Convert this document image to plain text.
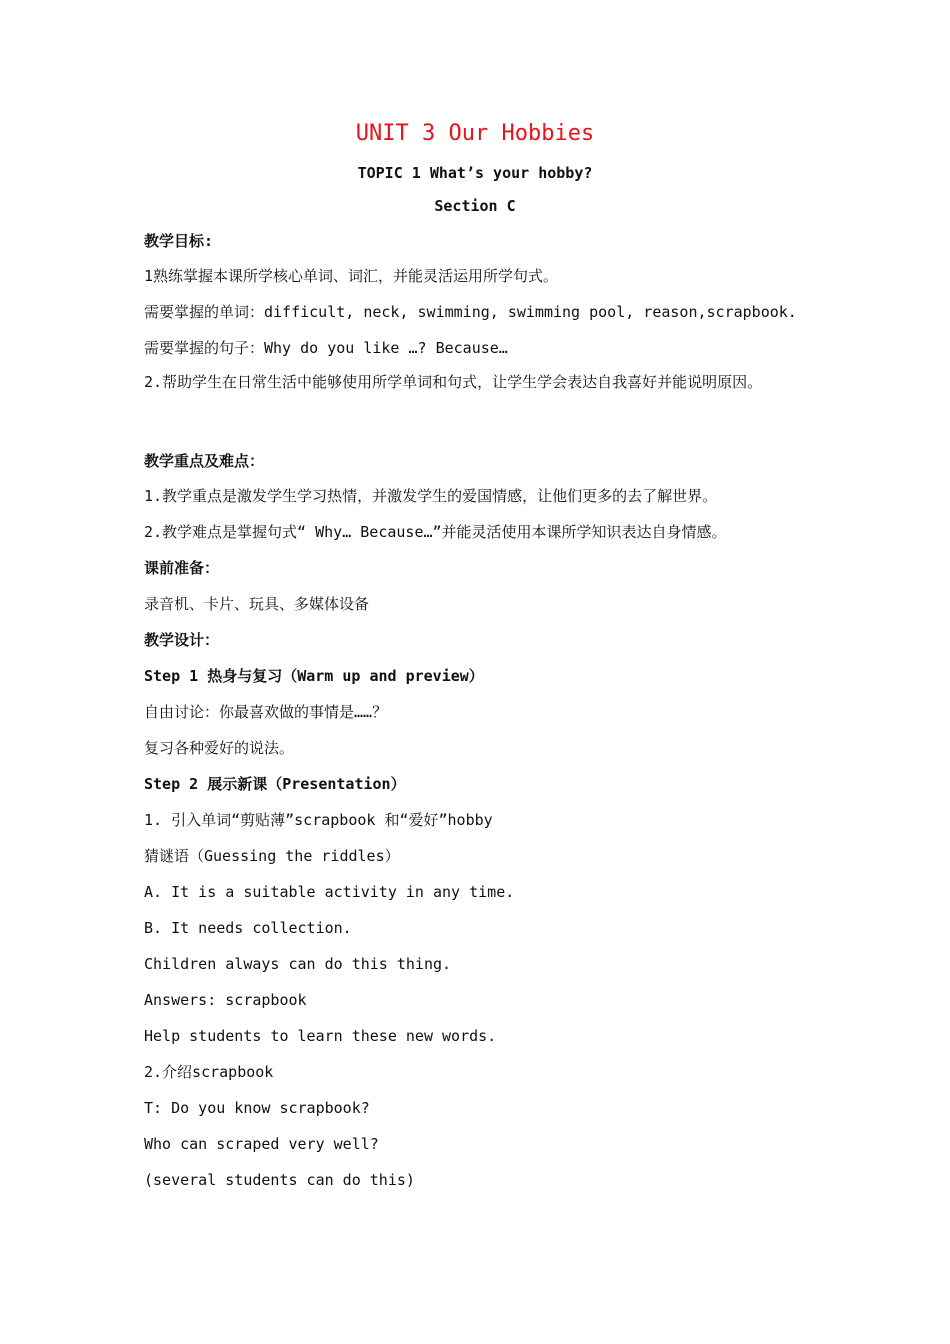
UNIT 3 Our Hobbies
TOPIC 1 What’s your hobby?
Section C
教学目标:
1熟练掌握本课所学核心单词、词汇，并能灵活运用所学句式。
需要掌握的单词：difficult, neck, swimming, swimming pool, reason,scrapbook.
需要掌握的句子：Why do you like …? Because…
2.帮助学生在日常生活中能够使用所学单词和句式，让学生学会表达自我喜好并能说明原因。
教学重点及难点：
1.教学重点是激发学生学习热情，并激发学生的爱国情感，让他们更多的去了解世界。
2.教学难点是掌握句式“ Why… Because…”并能灵活使用本课所学知识表达自身情感。
课前准备：
录音机、卡片、玩具、多媒体设备
教学设计：
Step 1 热身与复习（Warm up and preview）
自由讨论：你最喜欢做的事情是……？
复习各种爱好的说法。
Step 2 展示新课（Presentation）
1. 引入单词“剪贴薄”scrapbook 和“爱好”hobby
猜谜语（Guessing the riddles）
A. It is a suitable activity in any time.
B. It needs collection.
Children always can do this thing.
Answers: scrapbook
Help students to learn these new words.
2.介绍scrapbook
T: Do you know scrapbook?
Who can scraped very well?
(several students can do this)
